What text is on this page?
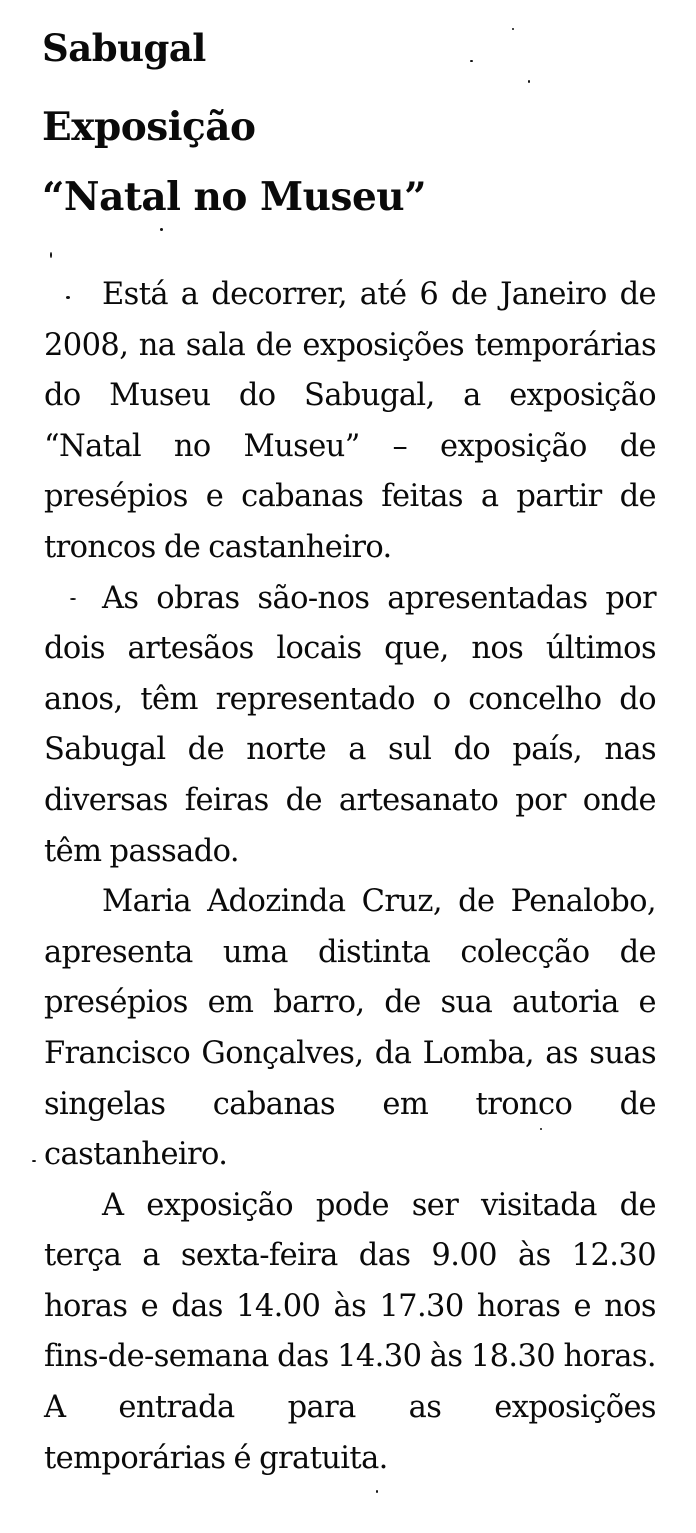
Sabugal
Exposição
“Natal no Museu”

Está a decorrer, até 6 de Janeiro de 2008, na sala de exposições temporárias do Museu do Sabugal, a exposição “Natal no Museu” – exposição de presépios e cabanas feitas a partir de troncos de castanheiro.

As obras são-nos apresentadas por dois artesãos locais que, nos últimos anos, têm representado o concelho do Sabugal de norte a sul do país, nas diversas feiras de artesanato por onde têm passado.

Maria Adozinda Cruz, de Penalobo, apresenta uma distinta colecção de presépios em barro, de sua autoria e Francisco Gonçalves, da Lomba, as suas singelas cabanas em tronco de castanheiro.

A exposição pode ser visitada de terça a sexta-feira das 9.00 às 12.30 horas e das 14.00 às 17.30 horas e nos fins-de-semana das 14.30 às 18.30 horas. A entrada para as exposições temporárias é gratuita.
